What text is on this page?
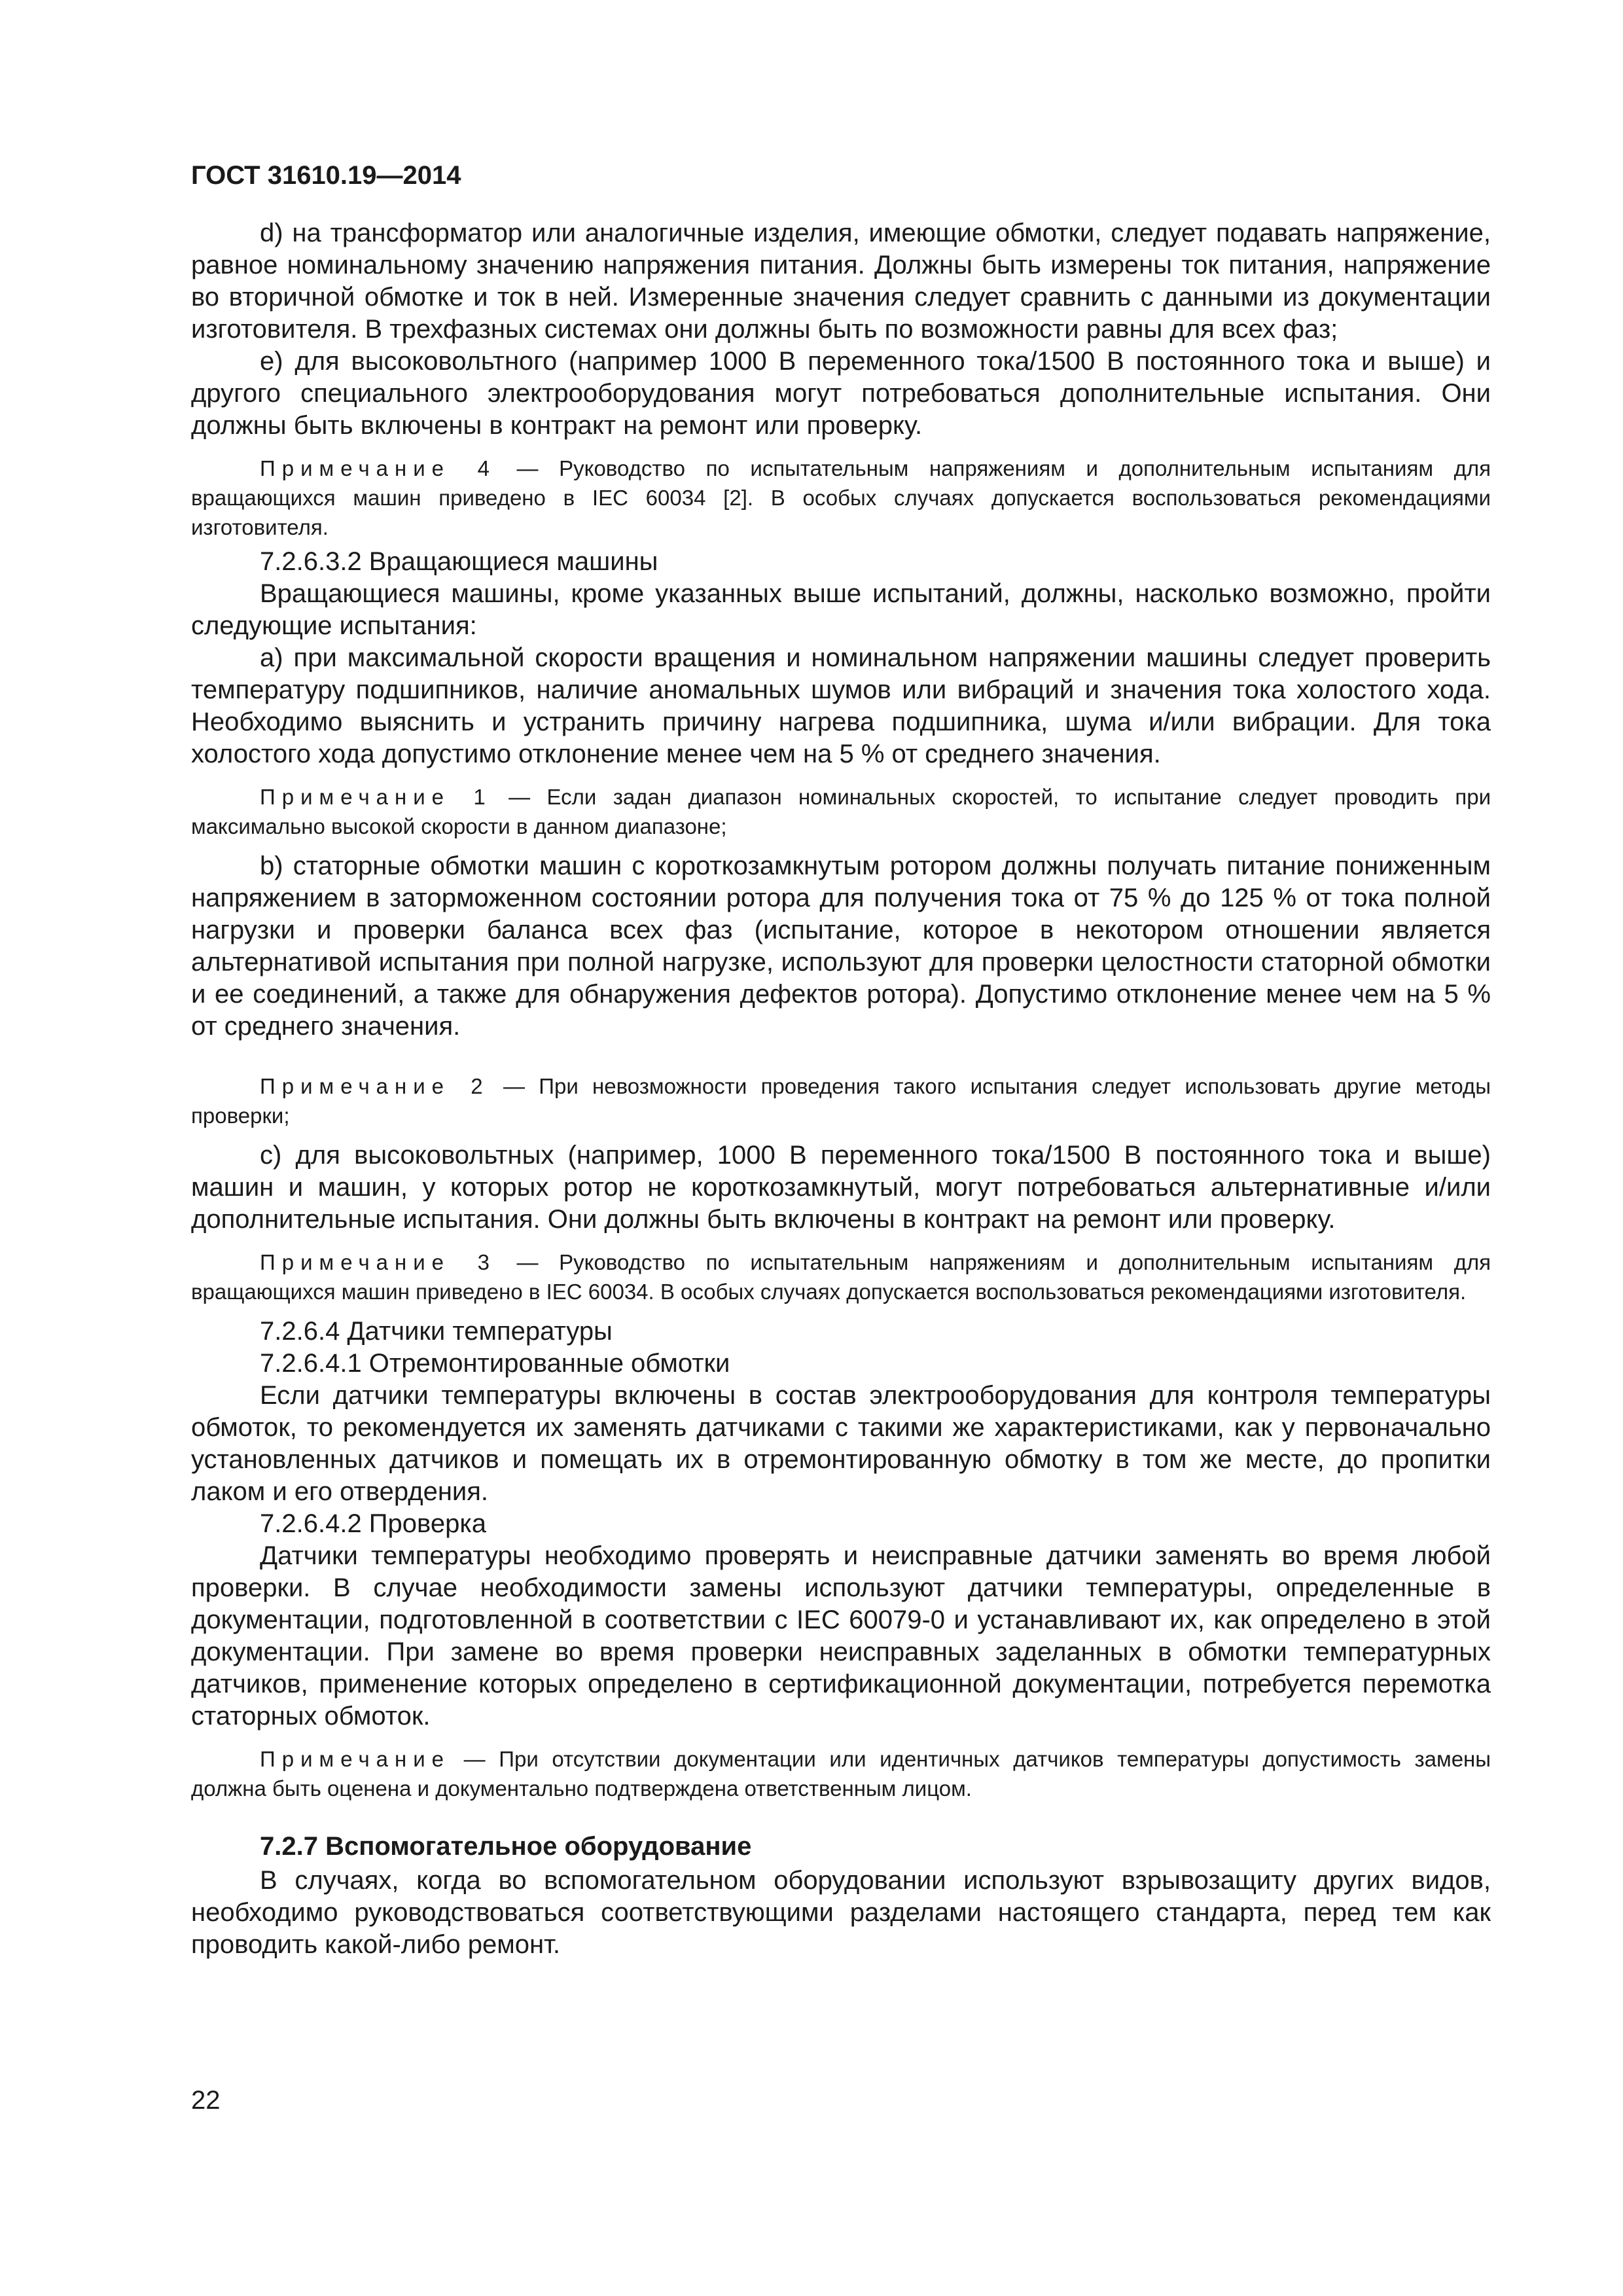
ГОСТ 31610.19—2014

d) на трансформатор или аналогичные изделия, имеющие обмотки, следует подавать напряжение, равное номинальному значению напряжения питания. Должны быть измерены ток питания, напряжение во вторичной обмотке и ток в ней. Измеренные значения следует сравнить с данными из документации изготовителя. В трехфазных системах они должны быть по возможности равны для всех фаз;

e) для высоковольтного (например 1000 В переменного тока/1500 В постоянного тока и выше) и другого специального электрооборудования могут потребоваться дополнительные испытания. Они должны быть включены в контракт на ремонт или проверку.

Примечание 4 — Руководство по испытательным напряжениям и дополнительным испытаниям для вращающихся машин приведено в IEC 60034 [2]. В особых случаях допускается воспользоваться рекомендациями изготовителя.

7.2.6.3.2 Вращающиеся машины

Вращающиеся машины, кроме указанных выше испытаний, должны, насколько возможно, пройти следующие испытания:

a) при максимальной скорости вращения и номинальном напряжении машины следует проверить температуру подшипников, наличие аномальных шумов или вибраций и значения тока холостого хода. Необходимо выяснить и устранить причину нагрева подшипника, шума и/или вибрации. Для тока холостого хода допустимо отклонение менее чем на 5 % от среднего значения.

Примечание 1 — Если задан диапазон номинальных скоростей, то испытание следует проводить при максимально высокой скорости в данном диапазоне;

b) статорные обмотки машин с короткозамкнутым ротором должны получать питание пониженным напряжением в заторможенном состоянии ротора для получения тока от 75 % до 125 % от тока полной нагрузки и проверки баланса всех фаз (испытание, которое в некотором отношении является альтернативой испытания при полной нагрузке, используют для проверки целостности статорной обмотки и ее соединений, а также для обнаружения дефектов ротора). Допустимо отклонение менее чем на 5 % от среднего значения.

Примечание 2 — При невозможности проведения такого испытания следует использовать другие методы проверки;

c) для высоковольтных (например, 1000 В переменного тока/1500 В постоянного тока и выше) машин и машин, у которых ротор не короткозамкнутый, могут потребоваться альтернативные и/или дополнительные испытания. Они должны быть включены в контракт на ремонт или проверку.

Примечание 3 — Руководство по испытательным напряжениям и дополнительным испытаниям для вращающихся машин приведено в IEC 60034. В особых случаях допускается воспользоваться рекомендациями изготовителя.

7.2.6.4 Датчики температуры

7.2.6.4.1 Отремонтированные обмотки

Если датчики температуры включены в состав электрооборудования для контроля температуры обмоток, то рекомендуется их заменять датчиками с такими же характеристиками, как у первоначально установленных датчиков и помещать их в отремонтированную обмотку в том же месте, до пропитки лаком и его отвердения.

7.2.6.4.2 Проверка

Датчики температуры необходимо проверять и неисправные датчики заменять во время любой проверки. В случае необходимости замены используют датчики температуры, определенные в документации, подготовленной в соответствии с IEC 60079-0 и устанавливают их, как определено в этой документации. При замене во время проверки неисправных заделанных в обмотки температурных датчиков, применение которых определено в сертификационной документации, потребуется перемотка статорных обмоток.

Примечание — При отсутствии документации или идентичных датчиков температуры допустимость замены должна быть оценена и документально подтверждена ответственным лицом.

7.2.7 Вспомогательное оборудование

В случаях, когда во вспомогательном оборудовании используют взрывозащиту других видов, необходимо руководствоваться соответствующими разделами настоящего стандарта, перед тем как проводить какой-либо ремонт.

22
